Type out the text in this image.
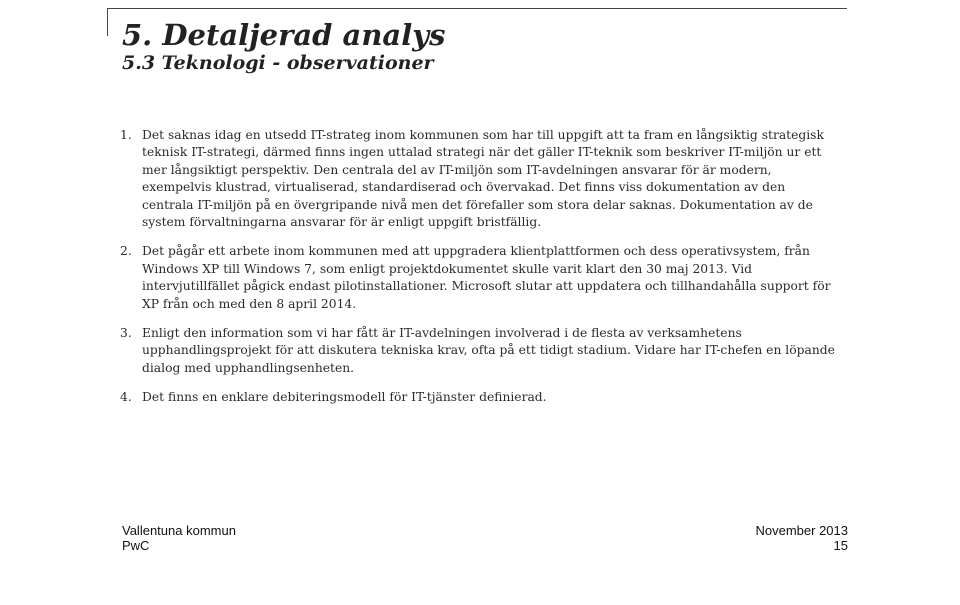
5. Detaljerad analys
5.3 Teknologi - observationer
1. Det saknas idag en utsedd IT-strateg inom kommunen som har till uppgift att ta fram en långsiktig strategisk teknisk IT-strategi, därmed finns ingen uttalad strategi när det gäller IT-teknik som beskriver IT-miljön ur ett mer långsiktigt perspektiv. Den centrala del av IT-miljön som IT-avdelningen ansvarar för är modern, exempelvis klustrad, virtualiserad, standardiserad och övervakad. Det finns viss dokumentation av den centrala IT-miljön på en övergripande nivå men det förefaller som stora delar saknas. Dokumentation av de system förvaltningarna ansvarar för är enligt uppgift bristfällig.
2. Det pågår ett arbete inom kommunen med att uppgradera klientplattformen och dess operativsystem, från Windows XP till Windows 7, som enligt projektdokumentet skulle varit klart den 30 maj 2013. Vid intervjutillfället pågick endast pilotinstallationer. Microsoft slutar att uppdatera och tillhandahålla support för XP från och med den 8 april 2014.
3. Enligt den information som vi har fått är IT-avdelningen involverad i de flesta av verksamhetens upphandlingsprojekt för att diskutera tekniska krav, ofta på ett tidigt stadium. Vidare har IT-chefen en löpande dialog med upphandlingsenheten.
4. Det finns en enklare debiteringsmodell för IT-tjänster definierad.
Vallentuna kommun
PwC
November 2013
15
